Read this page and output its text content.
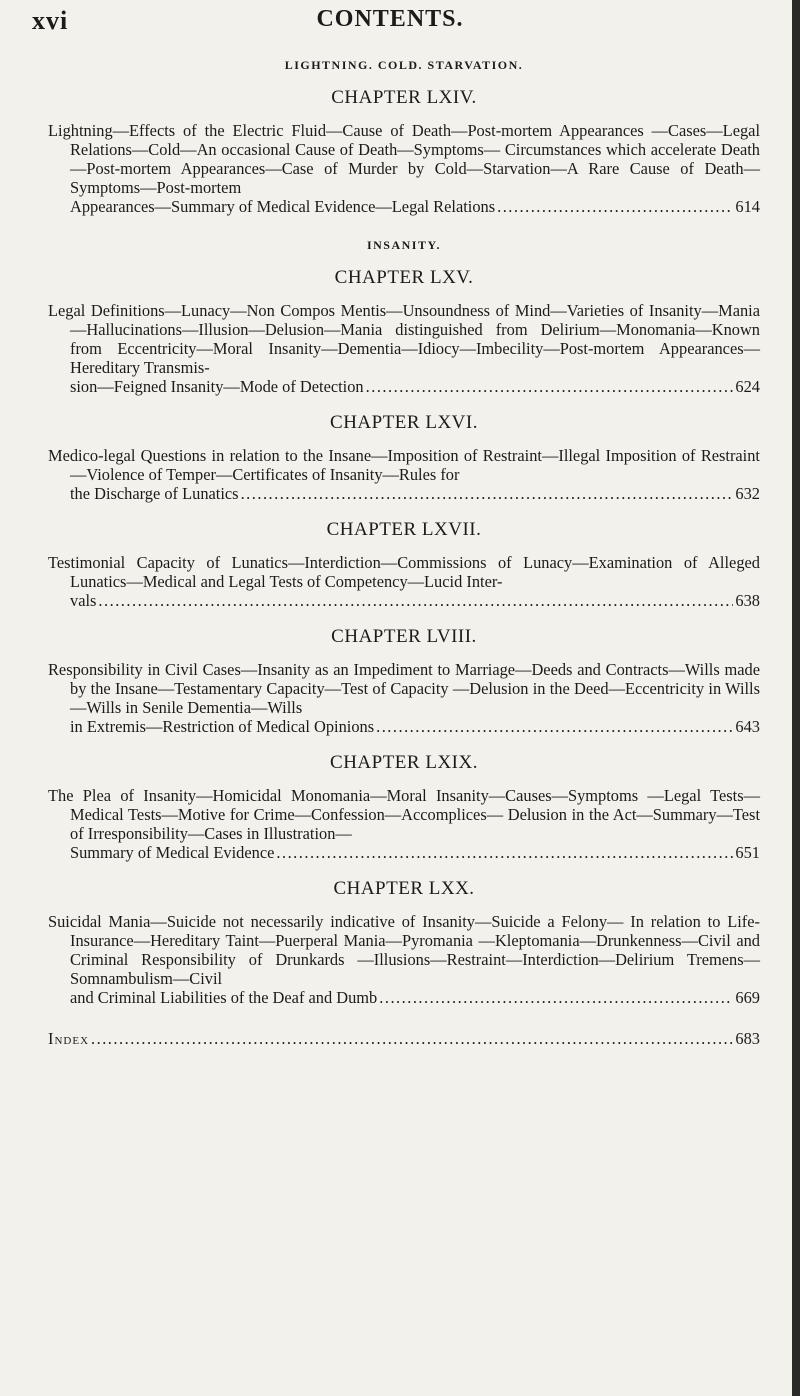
xvi	CONTENTS.

LIGHTNING. COLD. STARVATION.

CHAPTER LXIV.
Lightning—Effects of the Electric Fluid—Cause of Death—Post-mortem Appearances —Cases—Legal Relations—Cold—An occasional Cause of Death—Symptoms— Circumstances which accelerate Death—Post-mortem Appearances—Case of Murder by Cold—Starvation—A Rare Cause of Death—Symptoms—Post-mortem
Appearances—Summary of Medical Evidence—Legal Relations .....	614

INSANITY.

CHAPTER LXV.
Legal Definitions—Lunacy—Non Compos Mentis—Unsoundness of Mind—Varieties of Insanity—Mania—Hallucinations—Illusion—Delusion—Mania distinguished from Delirium—Monomania—Known from Eccentricity—Moral Insanity—Dementia—Idiocy—Imbecility—Post-mortem Appearances—Hereditary Transmis-
sion—Feigned Insanity—Mode of Detection .....	624
CHAPTER LXVI.
Medico-legal Questions in relation to the Insane—Imposition of Restraint—Illegal Imposition of Restraint—Violence of Temper—Certificates of Insanity—Rules for
the Discharge of Lunatics .....	632
CHAPTER LXVII.
Testimonial Capacity of Lunatics—Interdiction—Commissions of Lunacy—Examination of Alleged Lunatics—Medical and Legal Tests of Competency—Lucid Inter-
vals .....	638
CHAPTER LVIII.
Responsibility in Civil Cases—Insanity as an Impediment to Marriage—Deeds and Contracts—Wills made by the Insane—Testamentary Capacity—Test of Capacity —Delusion in the Deed—Eccentricity in Wills—Wills in Senile Dementia—Wills
in Extremis—Restriction of Medical Opinions .....	643
CHAPTER LXIX.
The Plea of Insanity—Homicidal Monomania—Moral Insanity—Causes—Symptoms —Legal Tests—Medical Tests—Motive for Crime—Confession—Accomplices— Delusion in the Act—Summary—Test of Irresponsibility—Cases in Illustration—
Summary of Medical Evidence .....	651
CHAPTER LXX.
Suicidal Mania—Suicide not necessarily indicative of Insanity—Suicide a Felony— In relation to Life-Insurance—Hereditary Taint—Puerperal Mania—Pyromania —Kleptomania—Drunkenness—Civil and Criminal Responsibility of Drunkards —Illusions—Restraint—Interdiction—Delirium Tremens—Somnambulism—Civil
and Criminal Liabilities of the Deaf and Dumb .....	669
Index .....	683
